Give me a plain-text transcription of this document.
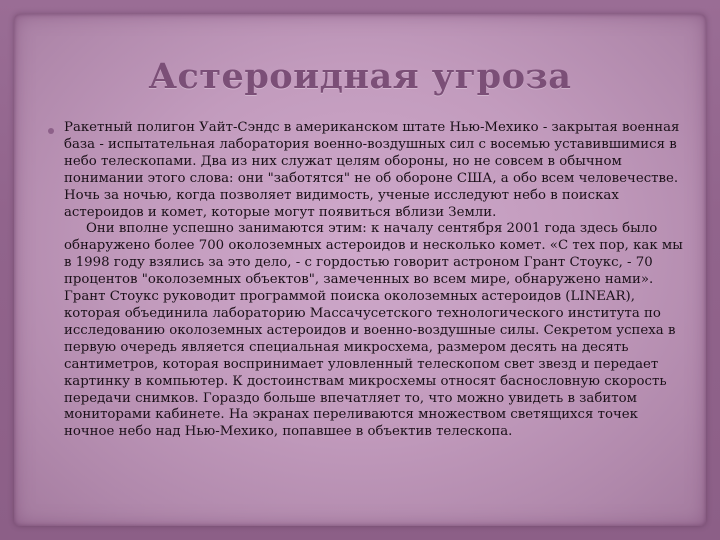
Астероидная угроза

Ракетный полигон Уайт-Сэндс в американском штате Нью-Мехико - закрытая военная база - испытательная лаборатория военно-воздушных сил с восемью уставившимися в небо телескопами. Два из них служат целям обороны, но не совсем в обычном понимании этого слова: они "заботятся" не об обороне США, а обо всем человечестве. Ночь за ночью, когда позволяет видимость, ученые исследуют небо в поисках астероидов и комет, которые могут появиться вблизи Земли.

Они вполне успешно занимаются этим: к началу сентября 2001 года здесь было обнаружено более 700 околоземных астероидов и несколько комет. «С тех пор, как мы в 1998 году взялись за это дело, - с гордостью говорит астроном Грант Стоукс, - 70 процентов "околоземных объектов", замеченных во всем мире, обнаружено нами». Грант Стоукс руководит программой поиска околоземных астероидов (LINEAR), которая объединила лабораторию Массачусетского технологического института по исследованию околоземных астероидов и военно-воздушные силы. Секретом успеха в первую очередь является специальная микросхема, размером десять на десять сантиметров, которая воспринимает уловленный телескопом свет звезд и передает картинку в компьютер. К достоинствам микросхемы относят баснословную скорость передачи снимков. Гораздо больше впечатляет то, что можно увидеть в забитом мониторами кабинете. На экранах переливаются множеством светящихся точек ночное небо над Нью-Мехико, попавшее в объектив телескопа.
